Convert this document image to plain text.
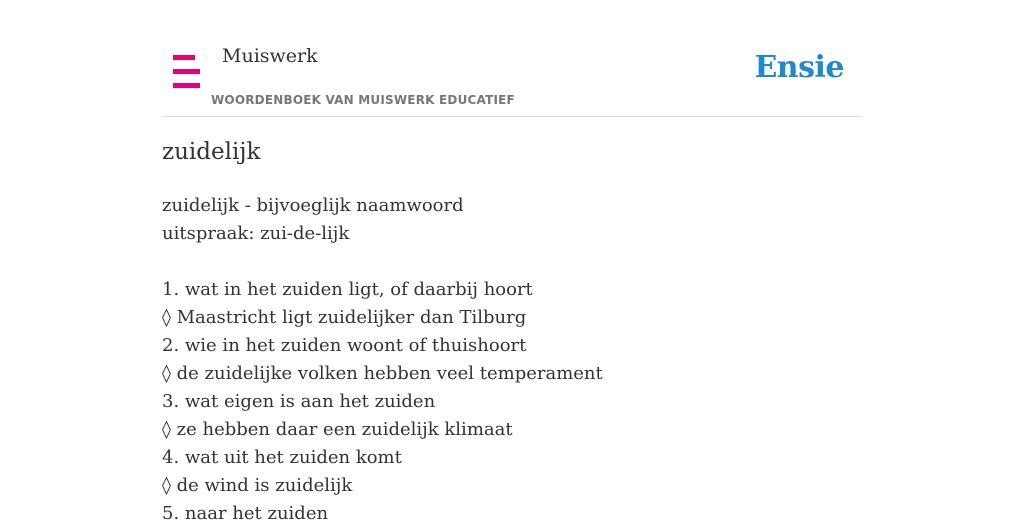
Muiswerk
WOORDENBOEK VAN MUISWERK EDUCATIEF
Ensie
zuidelijk
zuidelijk - bijvoeglijk naamwoord
uitspraak: zui-de-lijk
1. wat in het zuiden ligt, of daarbij hoort
◊ Maastricht ligt zuidelijker dan Tilburg
2. wie in het zuiden woont of thuishoort
◊ de zuidelijke volken hebben veel temperament
3. wat eigen is aan het zuiden
◊ ze hebben daar een zuidelijk klimaat
4. wat uit het zuiden komt
◊ de wind is zuidelijk
5. naar het zuiden
